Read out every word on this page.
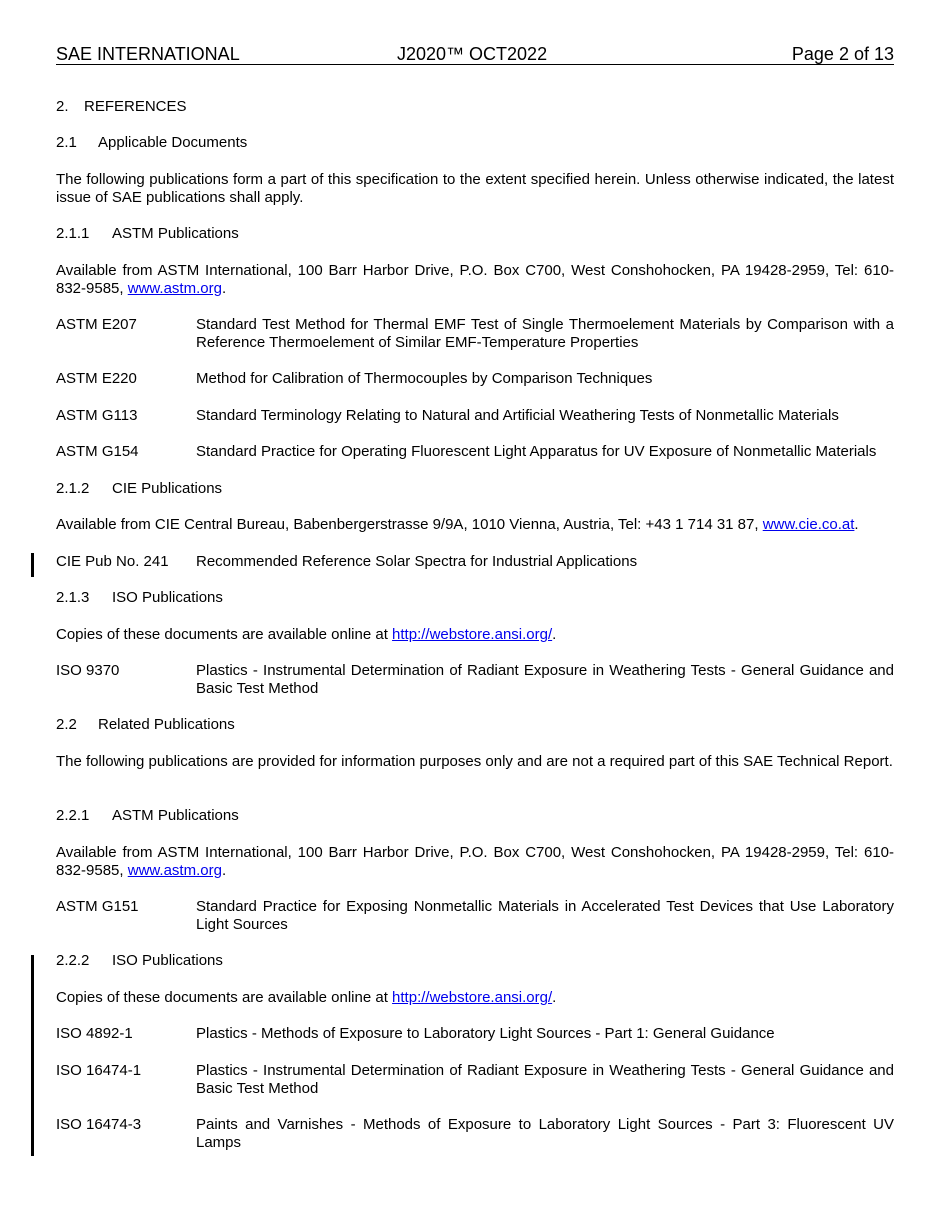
SAE INTERNATIONAL	J2020™ OCT2022	Page 2 of 13
2. REFERENCES
2.1 Applicable Documents
The following publications form a part of this specification to the extent specified herein. Unless otherwise indicated, the latest issue of SAE publications shall apply.
2.1.1 ASTM Publications
Available from ASTM International, 100 Barr Harbor Drive, P.O. Box C700, West Conshohocken, PA 19428-2959, Tel: 610-832-9585, www.astm.org.
ASTM E207	Standard Test Method for Thermal EMF Test of Single Thermoelement Materials by Comparison with a Reference Thermoelement of Similar EMF-Temperature Properties
ASTM E220	Method for Calibration of Thermocouples by Comparison Techniques
ASTM G113	Standard Terminology Relating to Natural and Artificial Weathering Tests of Nonmetallic Materials
ASTM G154	Standard Practice for Operating Fluorescent Light Apparatus for UV Exposure of Nonmetallic Materials
2.1.2 CIE Publications
Available from CIE Central Bureau, Babenbergerstrasse 9/9A, 1010 Vienna, Austria, Tel: +43 1 714 31 87, www.cie.co.at.
CIE Pub No. 241 Recommended Reference Solar Spectra for Industrial Applications
2.1.3 ISO Publications
Copies of these documents are available online at http://webstore.ansi.org/.
ISO 9370	Plastics - Instrumental Determination of Radiant Exposure in Weathering Tests - General Guidance and Basic Test Method
2.2 Related Publications
The following publications are provided for information purposes only and are not a required part of this SAE Technical Report.
2.2.1 ASTM Publications
Available from ASTM International, 100 Barr Harbor Drive, P.O. Box C700, West Conshohocken, PA 19428-2959, Tel: 610-832-9585, www.astm.org.
ASTM G151	Standard Practice for Exposing Nonmetallic Materials in Accelerated Test Devices that Use Laboratory Light Sources
2.2.2 ISO Publications
Copies of these documents are available online at http://webstore.ansi.org/.
ISO 4892-1	Plastics - Methods of Exposure to Laboratory Light Sources - Part 1: General Guidance
ISO 16474-1	Plastics - Instrumental Determination of Radiant Exposure in Weathering Tests - General Guidance and Basic Test Method
ISO 16474-3	Paints and Varnishes - Methods of Exposure to Laboratory Light Sources - Part 3: Fluorescent UV Lamps
